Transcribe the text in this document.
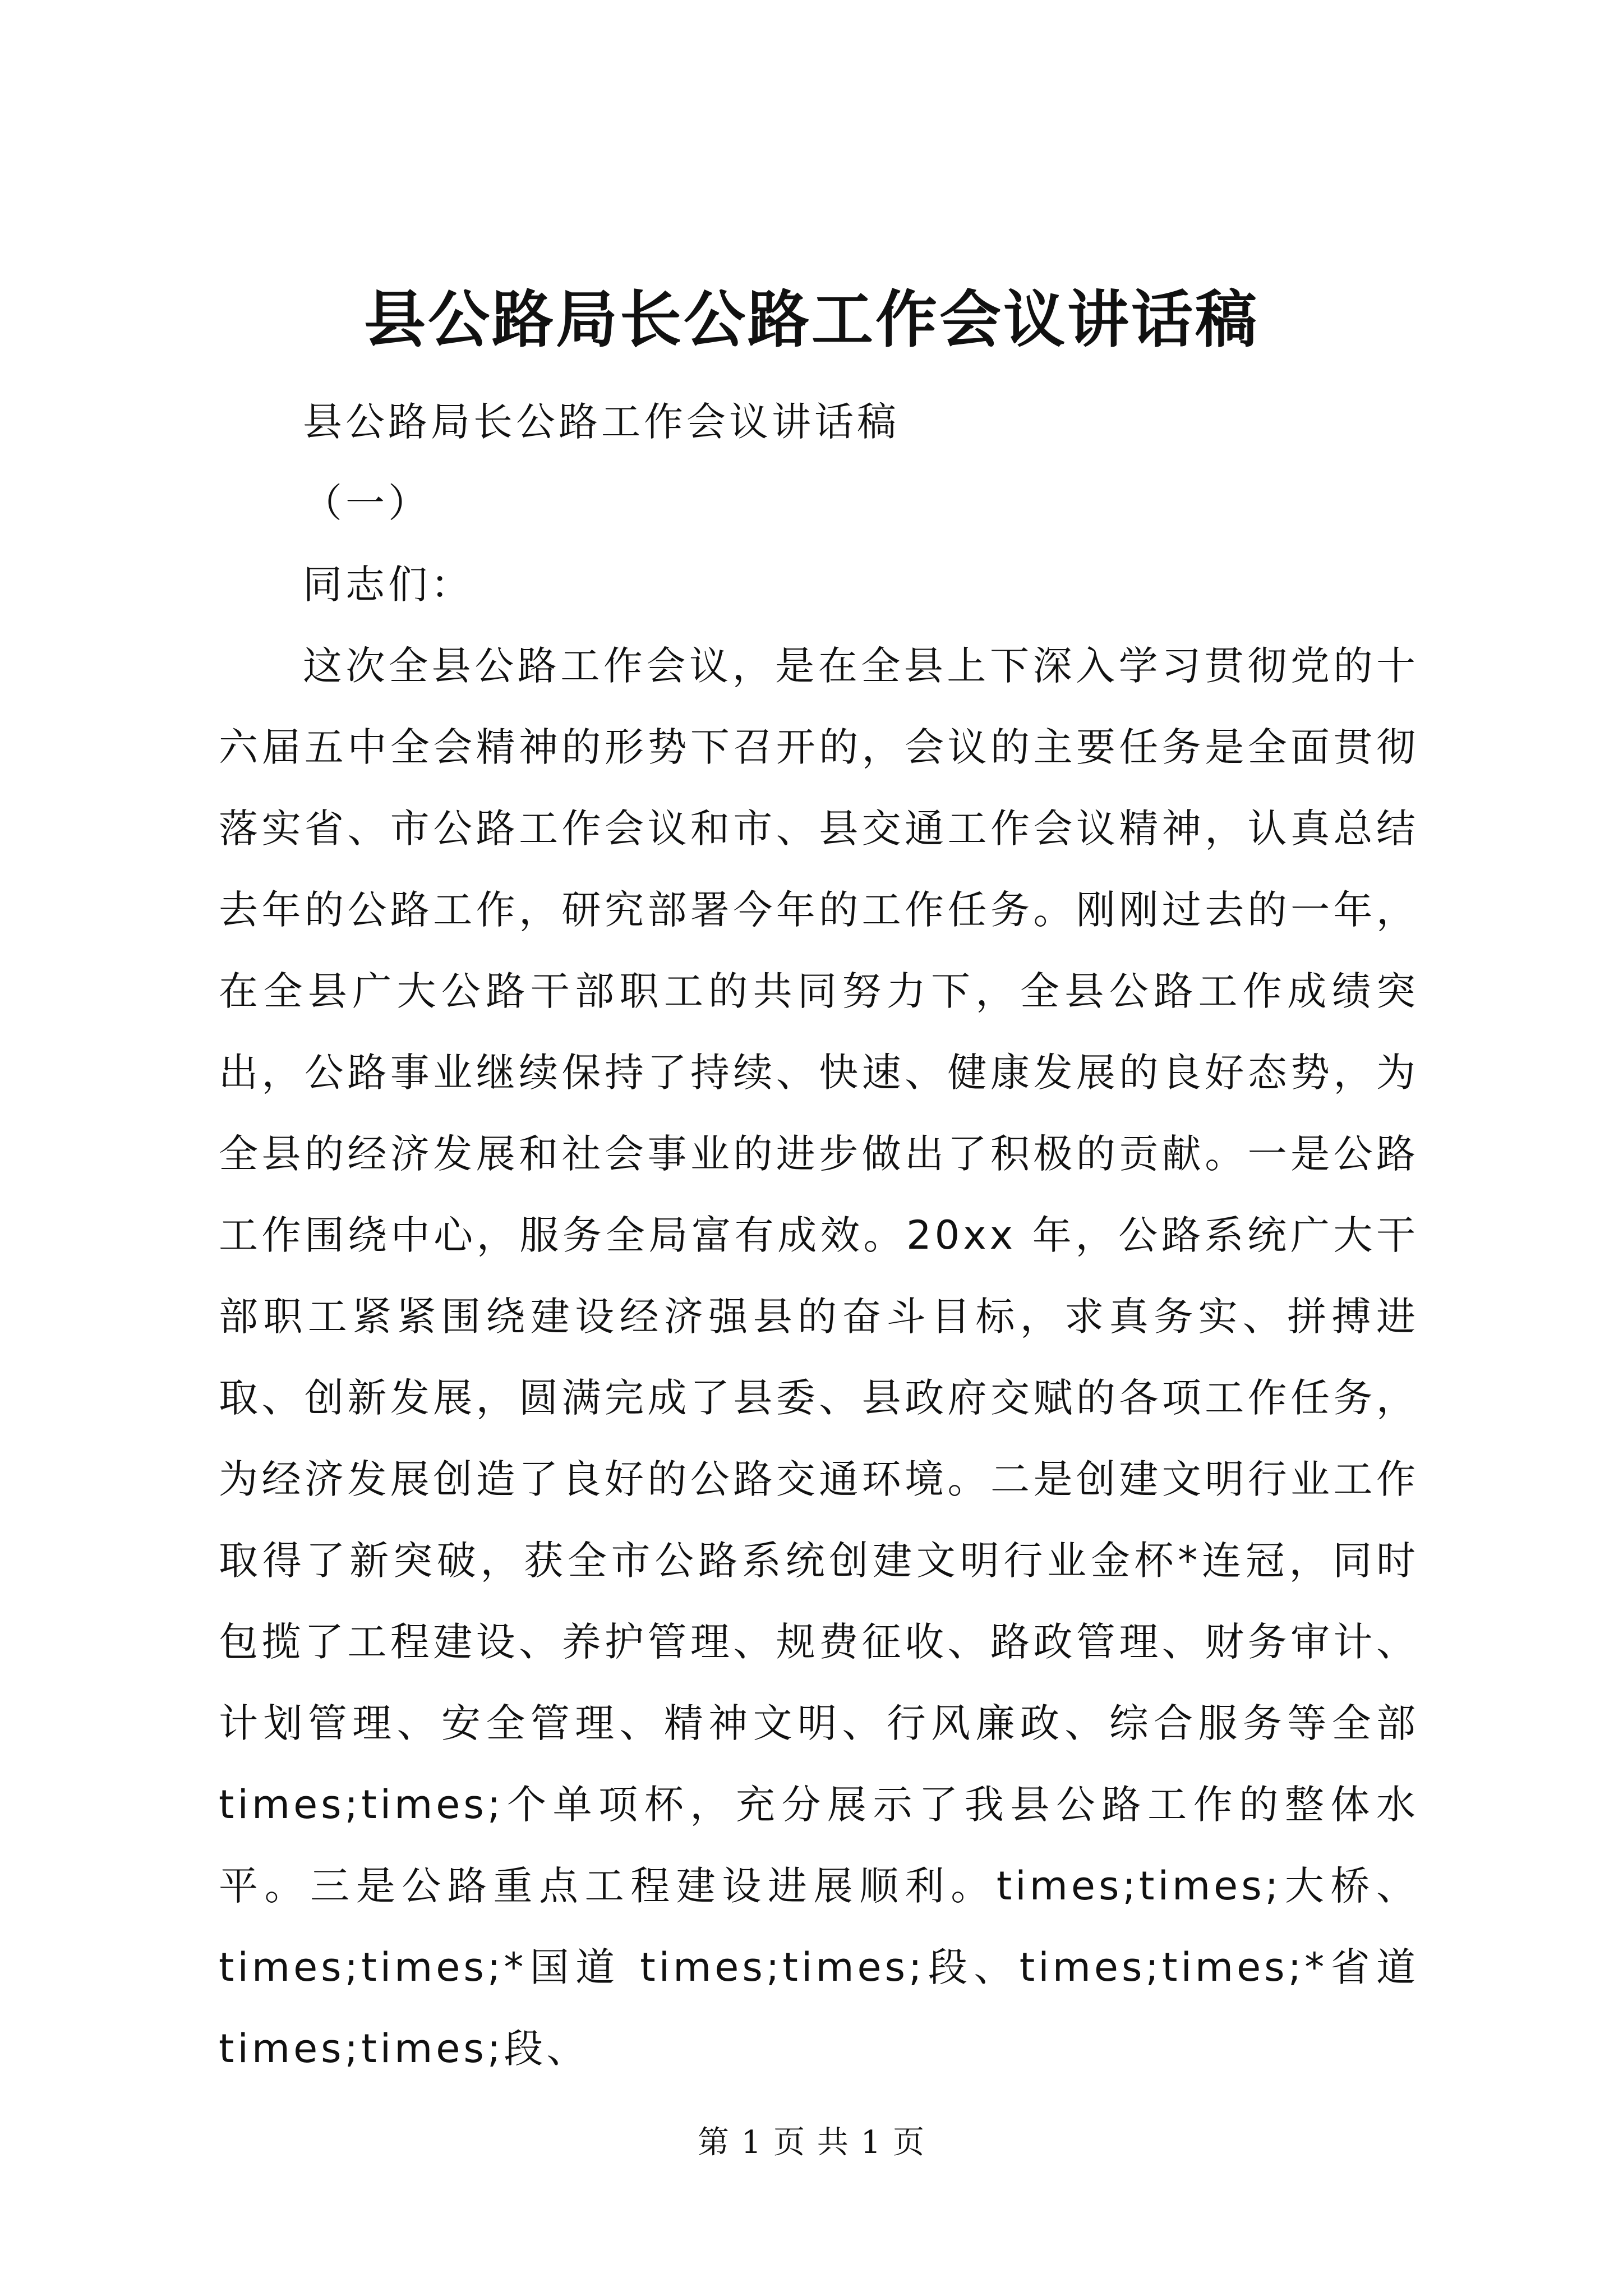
县公路局长公路工作会议讲话稿

县公路局长公路工作会议讲话稿

（一）

同志们：

这次全县公路工作会议，是在全县上下深入学习贯彻党的十六届五中全会精神的形势下召开的，会议的主要任务是全面贯彻落实省、市公路工作会议和市、县交通工作会议精神，认真总结去年的公路工作，研究部署今年的工作任务。刚刚过去的一年，在全县广大公路干部职工的共同努力下，全县公路工作成绩突出，公路事业继续保持了持续、快速、健康发展的良好态势，为全县的经济发展和社会事业的进步做出了积极的贡献。一是公路工作围绕中心，服务全局富有成效。20xx 年，公路系统广大干部职工紧紧围绕建设经济强县的奋斗目标，求真务实、拼搏进取、创新发展，圆满完成了县委、县政府交赋的各项工作任务，为经济发展创造了良好的公路交通环境。二是创建文明行业工作取得了新突破，获全市公路系统创建文明行业金杯*连冠，同时包揽了工程建设、养护管理、规费征收、路政管理、财务审计、计划管理、安全管理、精神文明、行风廉政、综合服务等全部times;times;个单项杯，充分展示了我县公路工作的整体水平。三是公路重点工程建设进展顺利。times;times;大桥、times;times;*国道 times;times;段、times;times;*省道 times;times;段、

第 1 页 共 1 页
